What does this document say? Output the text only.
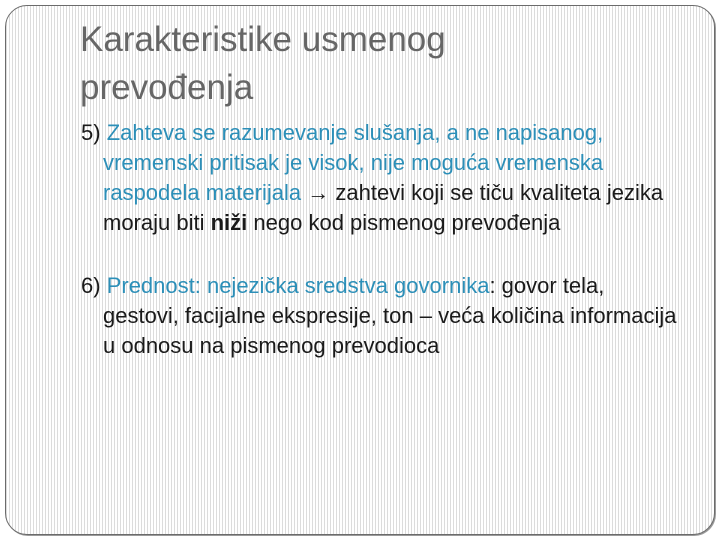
Karakteristike usmenog
prevođenja

5) Zahteva se razumevanje slušanja, a ne napisanog, vremenski pritisak je visok, nije moguća vremenska raspodela materijala → zahtevi koji se tiču kvaliteta jezika moraju biti niži nego kod pismenog prevođenja

6) Prednost: nejezička sredstva govornika: govor tela, gestovi, facijalne ekspresije, ton – veća količina informacija u odnosu na pismenog prevodioca
